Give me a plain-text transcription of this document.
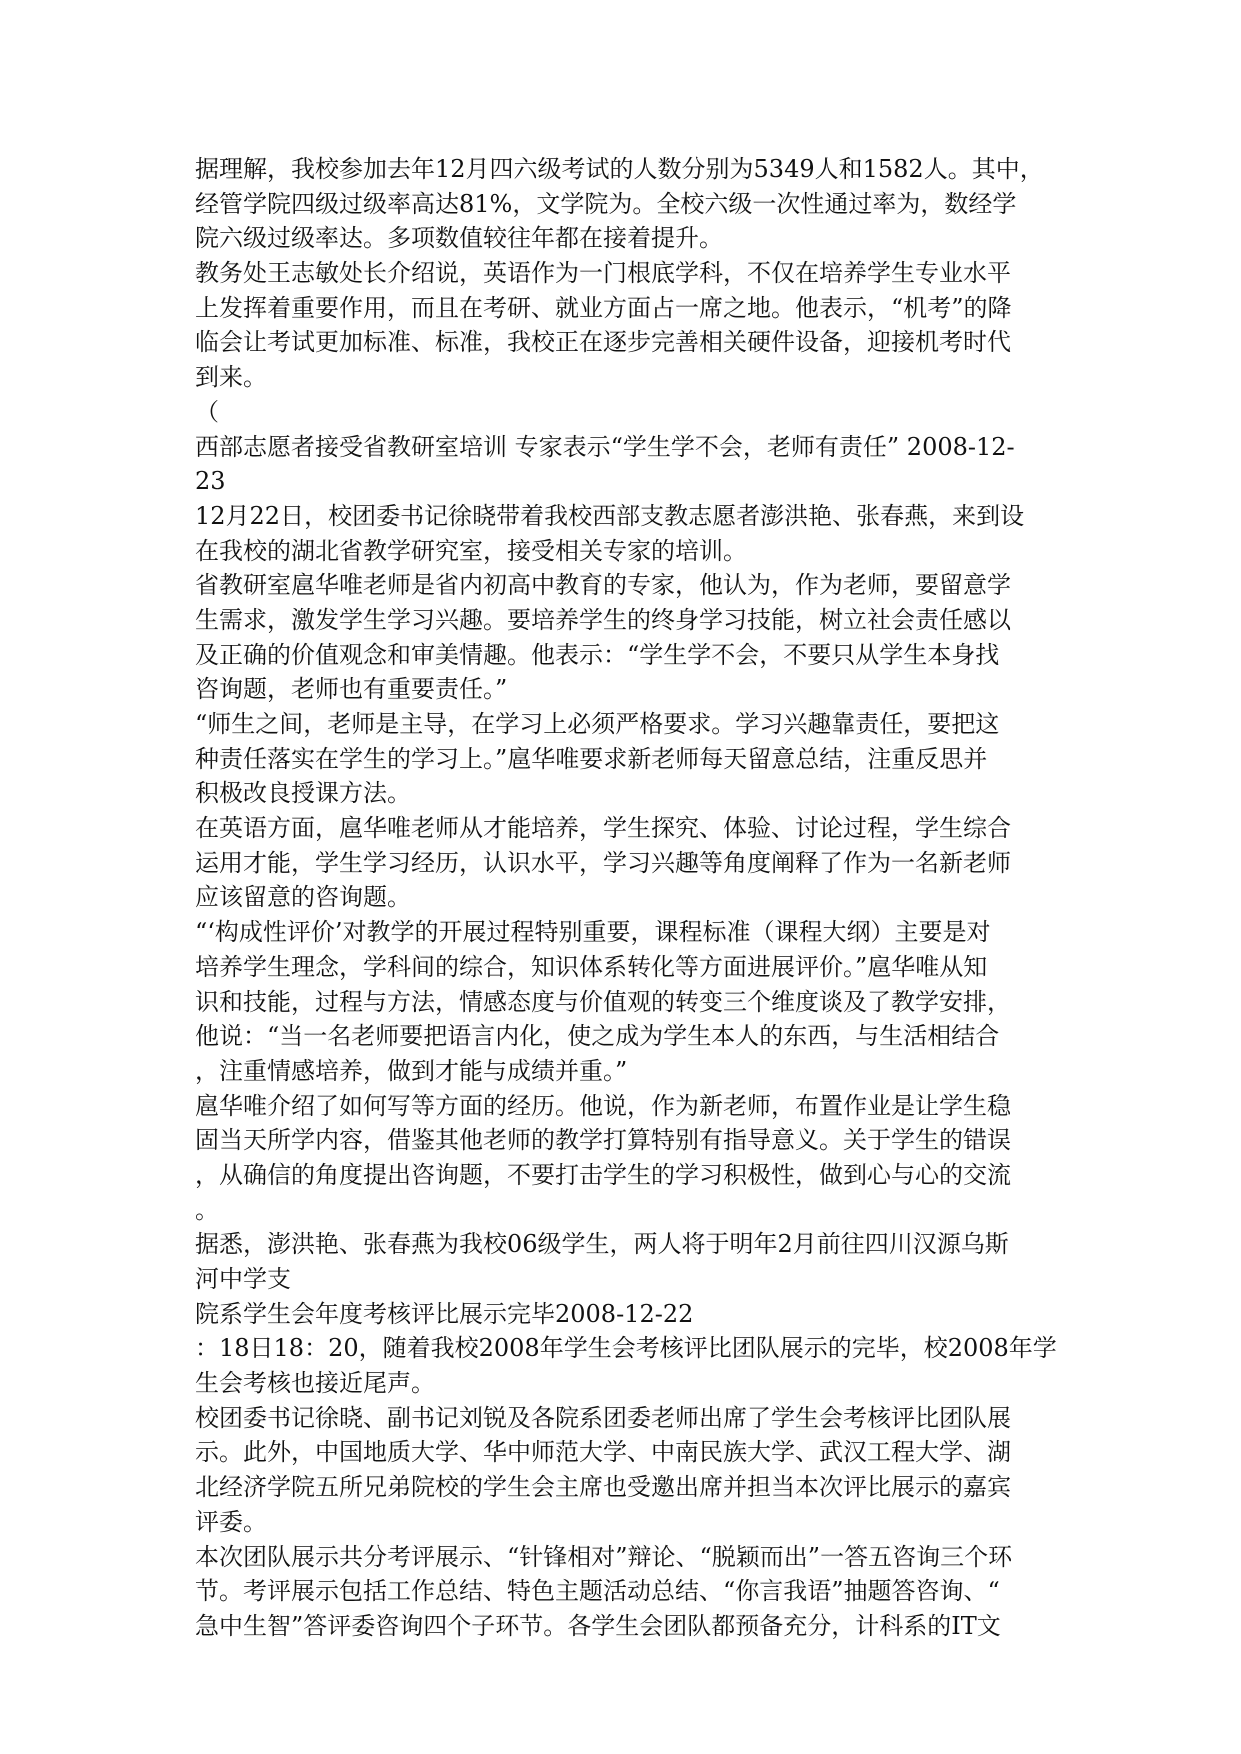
据理解，我校参加去年12月四六级考试的人数分别为5349人和1582人。其中，
经管学院四级过级率高达81%，文学院为。全校六级一次性通过率为，数经学
院六级过级率达。多项数值较往年都在接着提升。
教务处王志敏处长介绍说，英语作为一门根底学科，不仅在培养学生专业水平
上发挥着重要作用，而且在考研、就业方面占一席之地。他表示，“机考”的降
临会让考试更加标准、标准，我校正在逐步完善相关硬件设备，迎接机考时代
到来。
（
西部志愿者接受省教研室培训 专家表示“学生学不会，老师有责任” 2008-12-
23
12月22日，校团委书记徐晓带着我校西部支教志愿者澎洪艳、张春燕，来到设
在我校的湖北省教学研究室，接受相关专家的培训。
省教研室扈华唯老师是省内初高中教育的专家，他认为，作为老师，要留意学
生需求，激发学生学习兴趣。要培养学生的终身学习技能，树立社会责任感以
及正确的价值观念和审美情趣。他表示：“学生学不会，不要只从学生本身找
咨询题，老师也有重要责任。”
“师生之间，老师是主导，在学习上必须严格要求。学习兴趣靠责任，要把这
种责任落实在学生的学习上。”扈华唯要求新老师每天留意总结，注重反思并
积极改良授课方法。
在英语方面，扈华唯老师从才能培养，学生探究、体验、讨论过程，学生综合
运用才能，学生学习经历，认识水平，学习兴趣等角度阐释了作为一名新老师
应该留意的咨询题。
“‘构成性评价’对教学的开展过程特别重要，课程标准（课程大纲）主要是对
培养学生理念，学科间的综合，知识体系转化等方面进展评价。”扈华唯从知
识和技能，过程与方法，情感态度与价值观的转变三个维度谈及了教学安排，
他说：“当一名老师要把语言内化，使之成为学生本人的东西，与生活相结合
，注重情感培养，做到才能与成绩并重。”
扈华唯介绍了如何写等方面的经历。他说，作为新老师，布置作业是让学生稳
固当天所学内容，借鉴其他老师的教学打算特别有指导意义。关于学生的错误
，从确信的角度提出咨询题，不要打击学生的学习积极性，做到心与心的交流
。
据悉，澎洪艳、张春燕为我校06级学生，两人将于明年2月前往四川汉源乌斯
河中学支
院系学生会年度考核评比展示完毕2008-12-22
：18日18：20，随着我校2008年学生会考核评比团队展示的完毕，校2008年学
生会考核也接近尾声。
校团委书记徐晓、副书记刘锐及各院系团委老师出席了学生会考核评比团队展
示。此外，中国地质大学、华中师范大学、中南民族大学、武汉工程大学、湖
北经济学院五所兄弟院校的学生会主席也受邀出席并担当本次评比展示的嘉宾
评委。
本次团队展示共分考评展示、“针锋相对”辩论、“脱颖而出”一答五咨询三个环
节。考评展示包括工作总结、特色主题活动总结、“你言我语”抽题答咨询、“
急中生智”答评委咨询四个子环节。各学生会团队都预备充分，计科系的IT文
